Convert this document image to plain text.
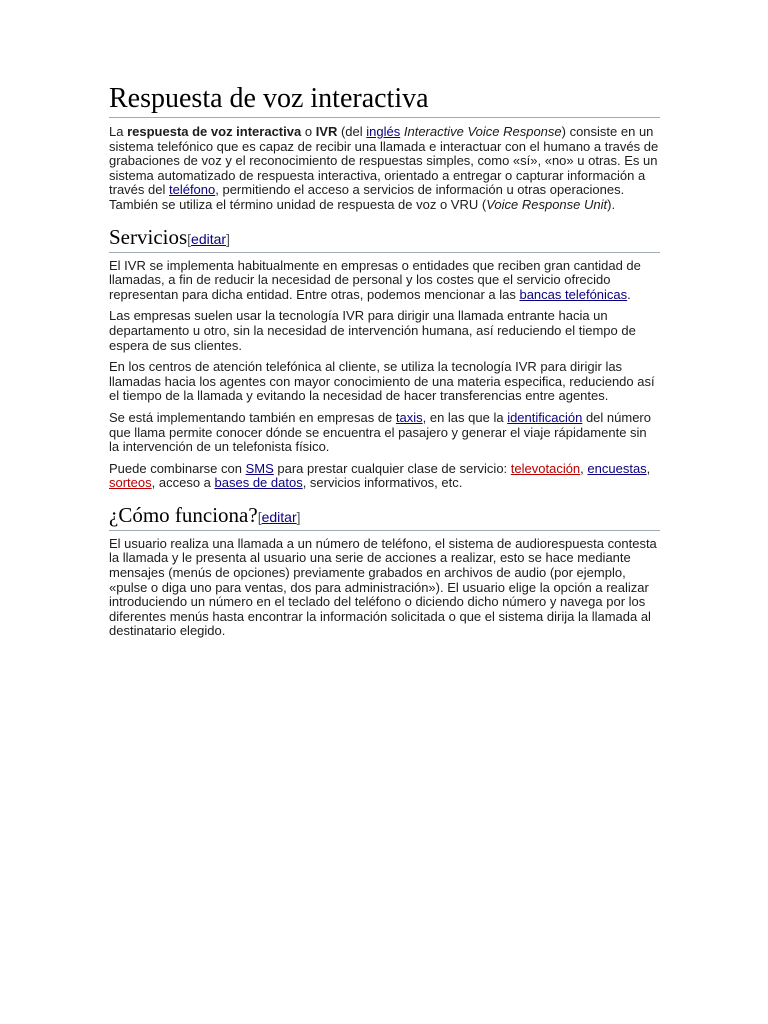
Respuesta de voz interactiva

La respuesta de voz interactiva o IVR (del inglés Interactive Voice Response) consiste en un sistema telefónico que es capaz de recibir una llamada e interactuar con el humano a través de grabaciones de voz y el reconocimiento de respuestas simples, como «sí», «no» u otras. Es un sistema automatizado de respuesta interactiva, orientado a entregar o capturar información a través del teléfono, permitiendo el acceso a servicios de información u otras operaciones. También se utiliza el término unidad de respuesta de voz o VRU (Voice Response Unit).

Servicios[editar]

El IVR se implementa habitualmente en empresas o entidades que reciben gran cantidad de llamadas, a fin de reducir la necesidad de personal y los costes que el servicio ofrecido representan para dicha entidad. Entre otras, podemos mencionar a las bancas telefónicas.

Las empresas suelen usar la tecnología IVR para dirigir una llamada entrante hacia un departamento u otro, sin la necesidad de intervención humana, así reduciendo el tiempo de espera de sus clientes.

En los centros de atención telefónica al cliente, se utiliza la tecnología IVR para dirigir las llamadas hacia los agentes con mayor conocimiento de una materia especifica, reduciendo así el tiempo de la llamada y evitando la necesidad de hacer transferencias entre agentes.

Se está implementando también en empresas de taxis, en las que la identificación del número que llama permite conocer dónde se encuentra el pasajero y generar el viaje rápidamente sin la intervención de un telefonista físico.

Puede combinarse con SMS para prestar cualquier clase de servicio: televotación, encuestas, sorteos, acceso a bases de datos, servicios informativos, etc.

¿Cómo funciona?[editar]

El usuario realiza una llamada a un número de teléfono, el sistema de audiorespuesta contesta la llamada y le presenta al usuario una serie de acciones a realizar, esto se hace mediante mensajes (menús de opciones) previamente grabados en archivos de audio (por ejemplo, «pulse o diga uno para ventas, dos para administración»). El usuario elige la opción a realizar introduciendo un número en el teclado del teléfono o diciendo dicho número y navega por los diferentes menús hasta encontrar la información solicitada o que el sistema dirija la llamada al destinatario elegido.
